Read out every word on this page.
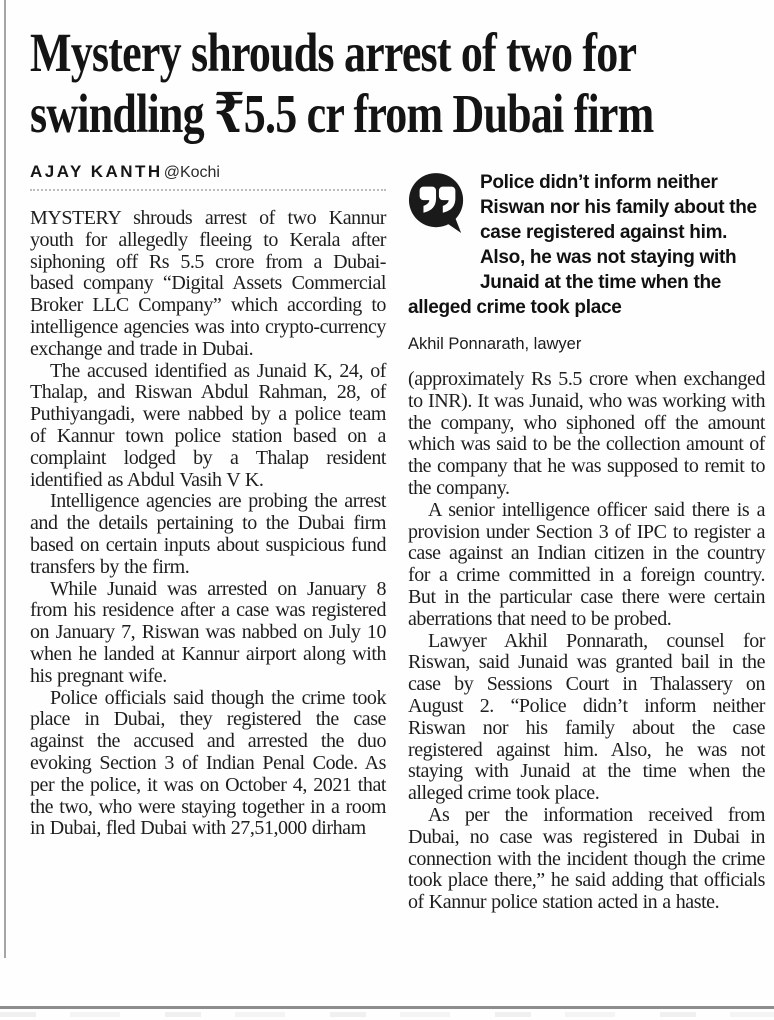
Mystery shrouds arrest of two for
swindling ₹5.5 cr from Dubai firm
AJAY KANTH@Kochi

MYSTERY shrouds arrest of two Kannur youth for allegedly fleeing to Kerala after siphoning off Rs 5.5 crore from a Dubai-based company “Digital Assets Commercial Broker LLC Company” which according to intelligence agencies was into crypto-currency exchange and trade in Dubai.

The accused identified as Junaid K, 24, of Thalap, and Riswan Abdul Rahman, 28, of Puthiyangadi, were nabbed by a police team of Kannur town police station based on a complaint lodged by a Thalap resident identified as Abdul Vasih V K.

Intelligence agencies are probing the arrest and the details pertaining to the Dubai firm based on certain inputs about suspicious fund transfers by the firm.

While Junaid was arrested on January 8 from his residence after a case was registered on January 7, Riswan was nabbed on July 10 when he landed at Kannur airport along with his pregnant wife.

Police officials said though the crime took place in Dubai, they registered the case against the accused and arrested the duo evoking Section 3 of Indian Penal Code. As per the police, it was on October 4, 2021 that the two, who were staying together in a room in Dubai, fled Dubai with 27,51,000 dirham

Police didn’t inform neither Riswan nor his family about the case registered against him. Also, he was not staying with Junaid at the time when the alleged crime took place

Akhil Ponnarath, lawyer

(approximately Rs 5.5 crore when exchanged to INR). It was Junaid, who was working with the company, who siphoned off the amount which was said to be the collection amount of the company that he was supposed to remit to the company.

A senior intelligence officer said there is a provision under Section 3 of IPC to register a case against an Indian citizen in the country for a crime committed in a foreign country. But in the particular case there were certain aberrations that need to be probed.

Lawyer Akhil Ponnarath, counsel for Riswan, said Junaid was granted bail in the case by Sessions Court in Thalassery on August 2. “Police didn’t inform neither Riswan nor his family about the case registered against him. Also, he was not staying with Junaid at the time when the alleged crime took place.

As per the information received from Dubai, no case was registered in Dubai in connection with the incident though the crime took place there,” he said adding that officials of Kannur police station acted in a haste.
